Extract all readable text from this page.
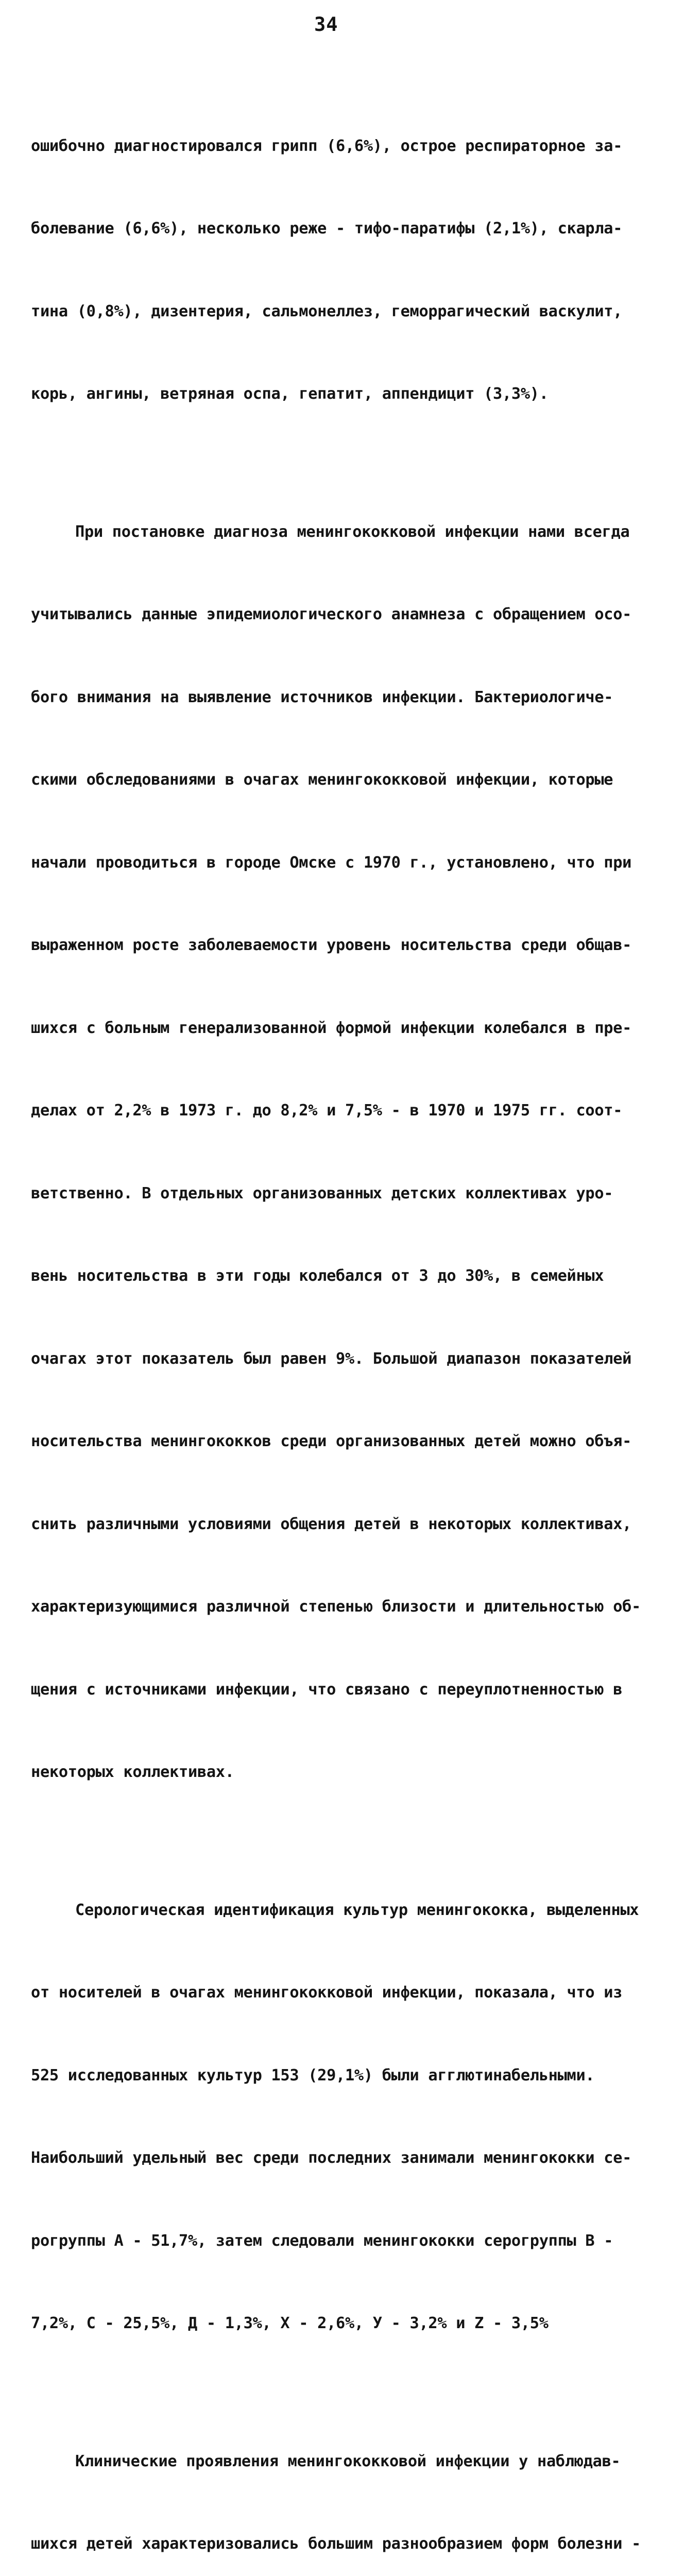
34

ошибочно диагностировался грипп (6,6%), острое респираторное за-

болевание (6,6%), несколько реже - тифо-паратифы (2,1%), скарла-

тина (0,8%), дизентерия, сальмонеллез, геморрагический васкулит,

корь, ангины, ветряная оспа, гепатит, аппендицит (3,3%).

При постановке диагноза менингококковой инфекции нами всегда

учитывались данные эпидемиологического анамнеза с обращением осо-

бого внимания на выявление источников инфекции. Бактериологиче-

скими обследованиями в очагах менингококковой инфекции, которые

начали проводиться в городе Омске с 1970 г., установлено, что при

выраженном росте заболеваемости уровень носительства среди общав-

шихся с больным генерализованной формой инфекции колебался в пре-

делах от 2,2% в 1973 г. до 8,2% и 7,5% - в 1970 и 1975 гг. соот-

ветственно. В отдельных организованных детских коллективах уро-

вень носительства в эти годы колебался от 3 до 30%, в семейных

очагах этот показатель был равен 9%. Большой диапазон показателей

носительства менингококков среди организованных детей можно объя-

снить различными условиями общения детей в некоторых коллективах,

характеризующимися различной степенью близости и длительностью об-

щения с источниками инфекции, что связано с переуплотненностью в

некоторых коллективах.

Серологическая идентификация культур менингококка, выделенных

от носителей в очагах менингококковой инфекции, показала, что из

525 исследованных культур 153 (29,1%) были агглютинабельными.

Наибольший удельный вес среди последних занимали менингококки се-

рогруппы А - 51,7%, затем следовали менингококки серогруппы В -

7,2%, С - 25,5%, Д - 1,3%, Х - 2,6%, У - 3,2% и Z - 3,5%

Клинические проявления менингококковой инфекции у наблюдав-

шихся детей характеризовались большим разнообразием форм болезни -
